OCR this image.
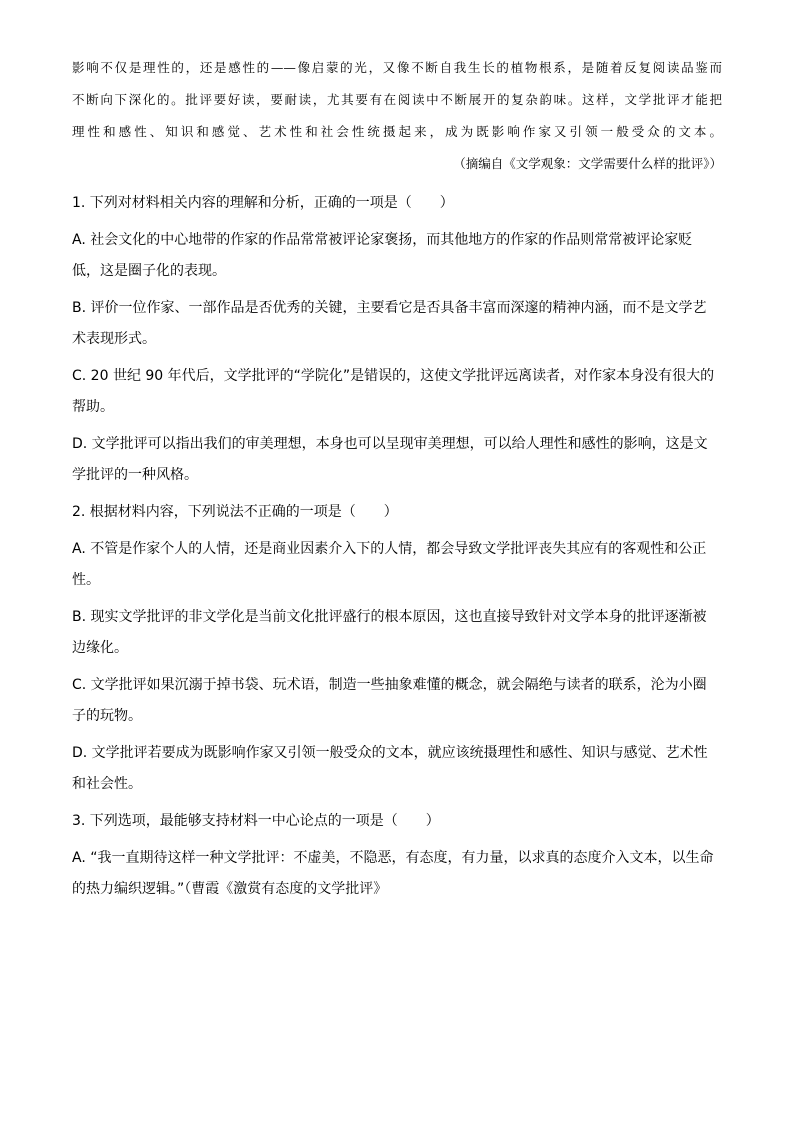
影响不仅是理性的，还是感性的——像启蒙的光，又像不断自我生长的植物根系，是随着反复阅读品鉴而

不断向下深化的。批评要好读，要耐读，尤其要有在阅读中不断展开的复杂韵味。这样，文学批评才能把

理性和感性、知识和感觉、艺术性和社会性统摄起来，成为既影响作家又引领一般受众的文本。

（摘编自《文学观象：文学需要什么样的批评》）

1. 下列对材料相关内容的理解和分析，正确的一项是（　　）

A. 社会文化的中心地带的作家的作品常常被评论家褒扬，而其他地方的作家的作品则常常被评论家贬

低，这是圈子化的表现。

B. 评价一位作家、一部作品是否优秀的关键，主要看它是否具备丰富而深邃的精神内涵，而不是文学艺

术表现形式。

C. 20 世纪 90 年代后，文学批评的“学院化”是错误的，这使文学批评远离读者，对作家本身没有很大的

帮助。

D. 文学批评可以指出我们的审美理想，本身也可以呈现审美理想，可以给人理性和感性的影响，这是文

学批评的一种风格。

2. 根据材料内容，下列说法不正确的一项是（　　）

A. 不管是作家个人的人情，还是商业因素介入下的人情，都会导致文学批评丧失其应有的客观性和公正

性。

B. 现实文学批评的非文学化是当前文化批评盛行的根本原因，这也直接导致针对文学本身的批评逐渐被

边缘化。

C. 文学批评如果沉溺于掉书袋、玩术语，制造一些抽象难懂的概念，就会隔绝与读者的联系，沦为小圈

子的玩物。

D. 文学批评若要成为既影响作家又引领一般受众的文本，就应该统摄理性和感性、知识与感觉、艺术性

和社会性。

3. 下列选项，最能够支持材料一中心论点的一项是（　　）

A. “我一直期待这样一种文学批评：不虚美，不隐恶，有态度，有力量，以求真的态度介入文本，以生命

的热力编织逻辑。”（曹霞《激赏有态度的文学批评》
